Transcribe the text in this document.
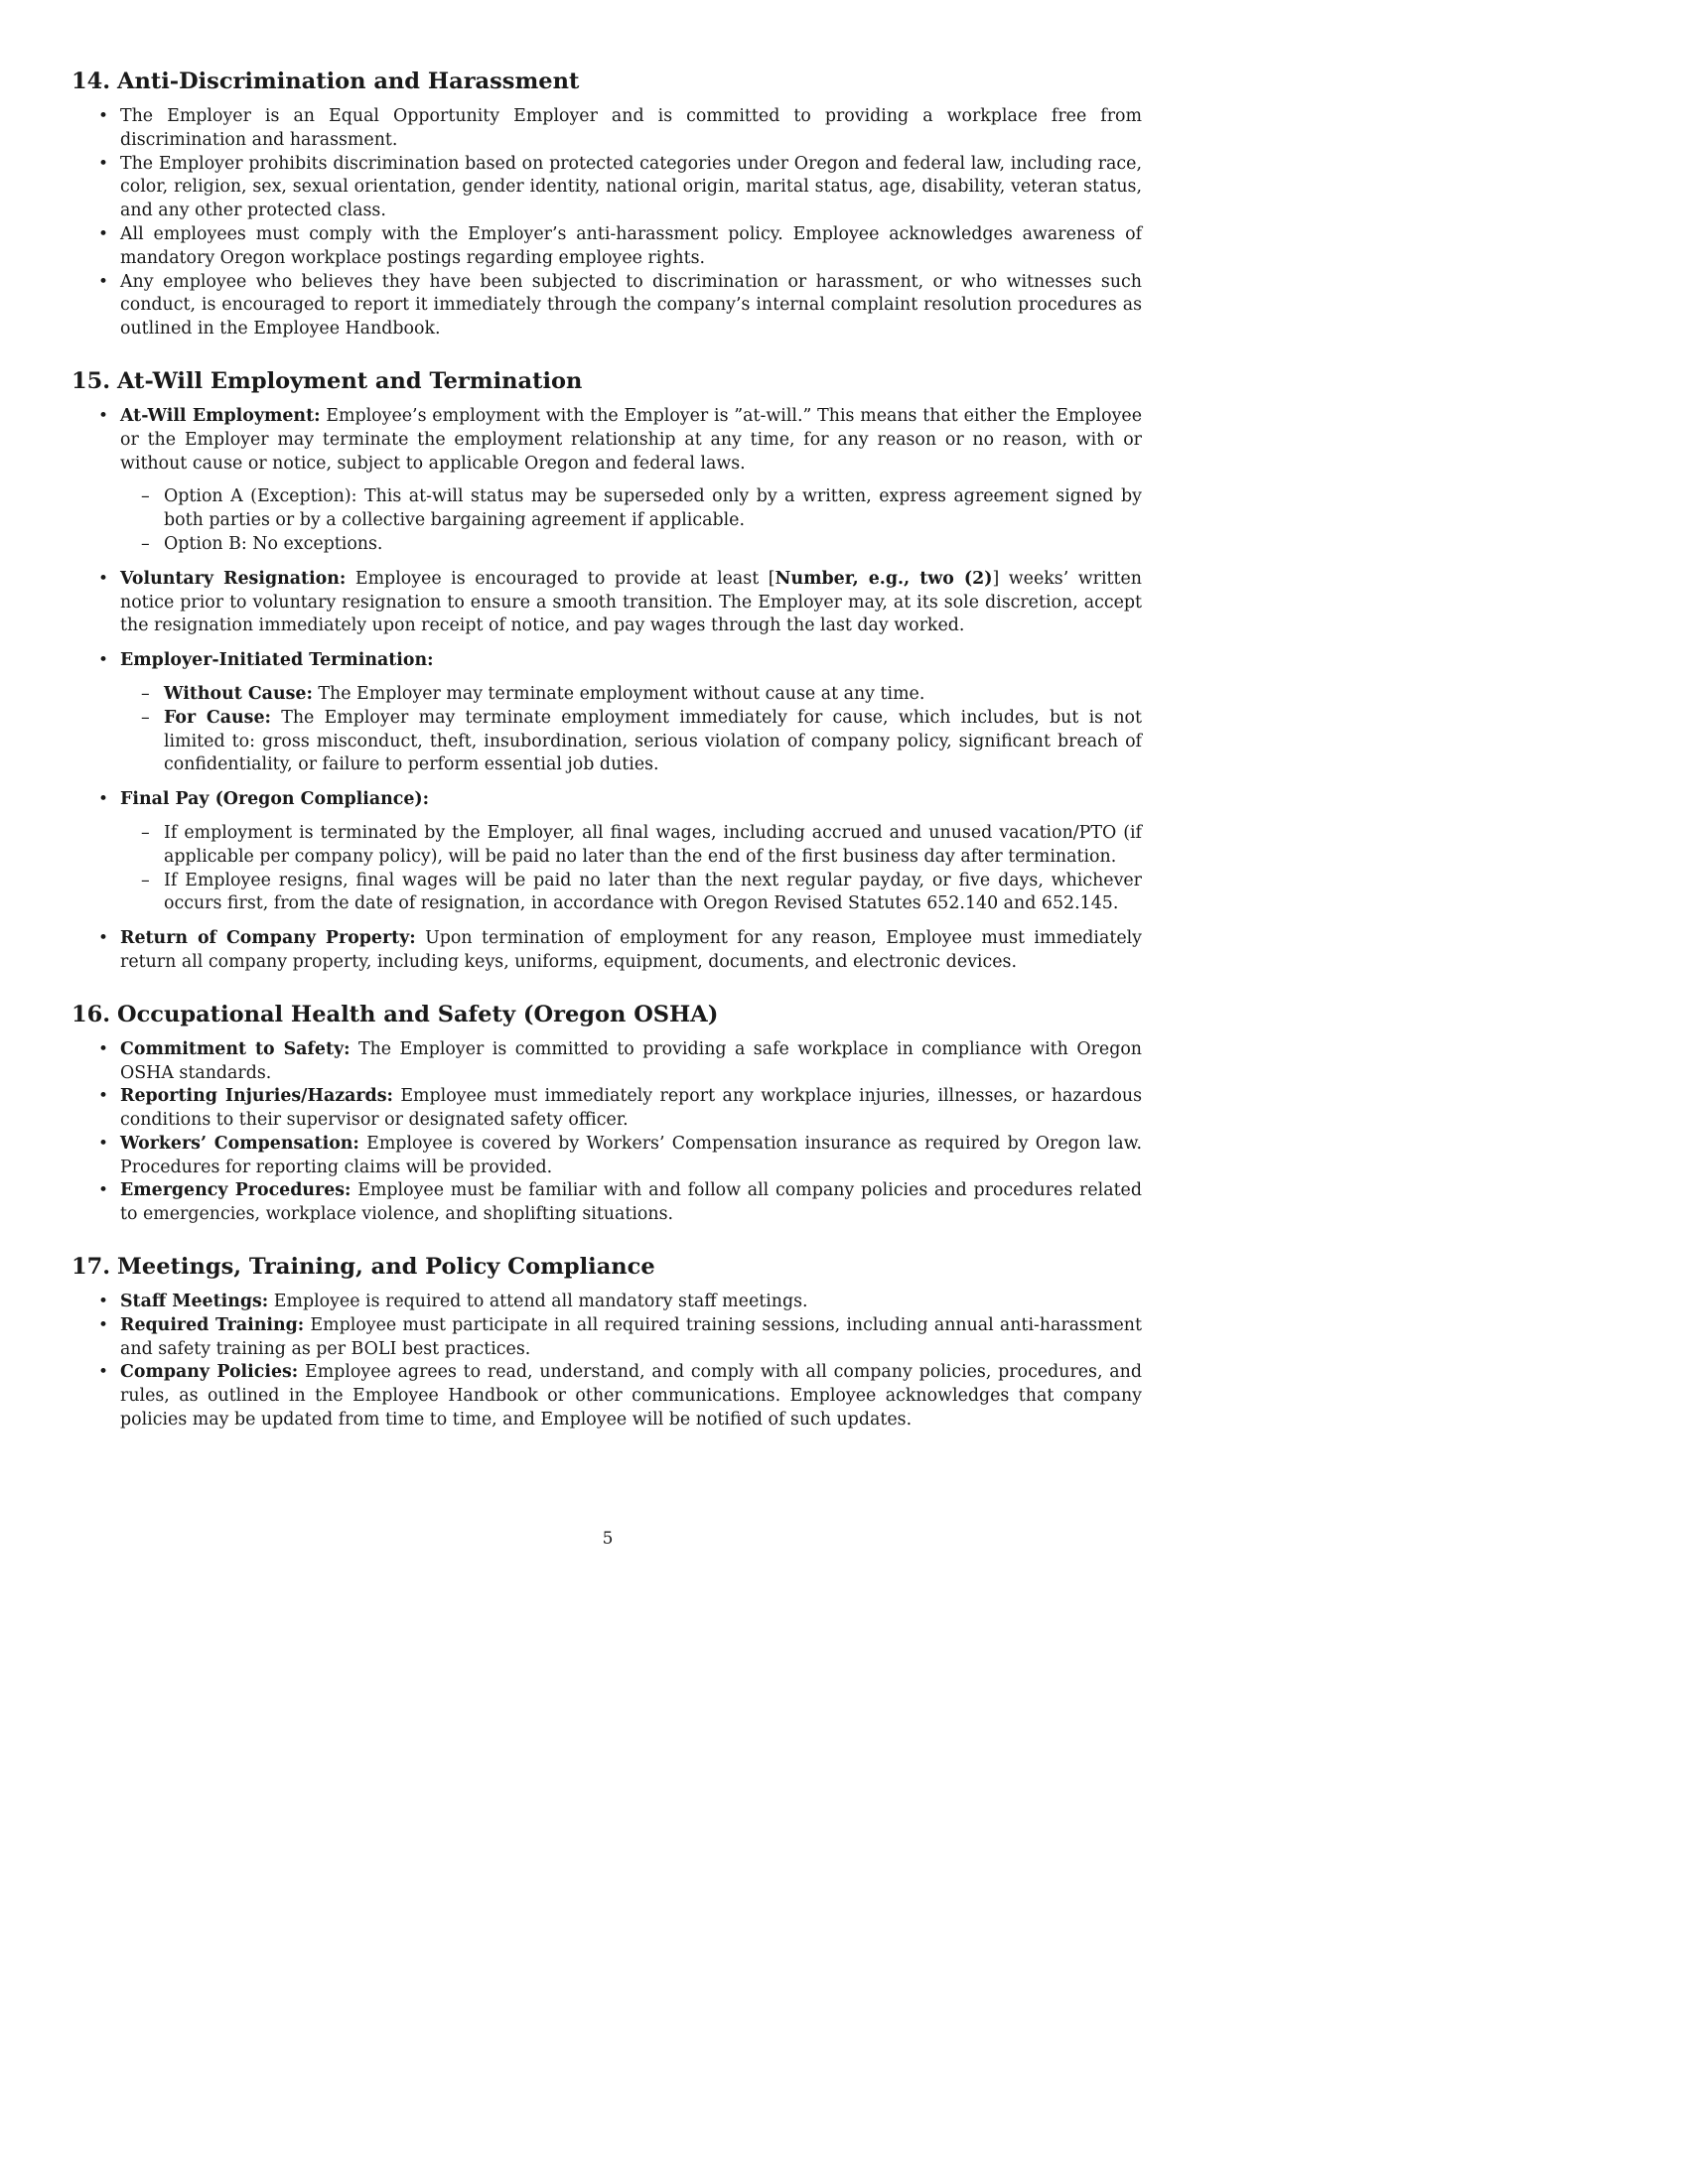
14. Anti-Discrimination and Harassment
• The Employer is an Equal Opportunity Employer and is committed to providing a workplace free from discrimination and harassment.
• The Employer prohibits discrimination based on protected categories under Oregon and federal law, including race, color, religion, sex, sexual orientation, gender identity, national origin, marital status, age, disability, veteran status, and any other protected class.
• All employees must comply with the Employer’s anti-harassment policy. Employee acknowledges awareness of mandatory Oregon workplace postings regarding employee rights.
• Any employee who believes they have been subjected to discrimination or harassment, or who witnesses such conduct, is encouraged to report it immediately through the company’s internal complaint resolution procedures as outlined in the Employee Handbook.
15. At-Will Employment and Termination
• At-Will Employment: Employee’s employment with the Employer is ”at-will.” This means that either the Employee or the Employer may terminate the employment relationship at any time, for any reason or no reason, with or without cause or notice, subject to applicable Oregon and federal laws.
– Option A (Exception): This at-will status may be superseded only by a written, express agreement signed by both parties or by a collective bargaining agreement if applicable.
– Option B: No exceptions.
• Voluntary Resignation: Employee is encouraged to provide at least [Number, e.g., two (2)] weeks’ written notice prior to voluntary resignation to ensure a smooth transition. The Employer may, at its sole discretion, accept the resignation immediately upon receipt of notice, and pay wages through the last day worked.
• Employer-Initiated Termination:
– Without Cause: The Employer may terminate employment without cause at any time.
– For Cause: The Employer may terminate employment immediately for cause, which includes, but is not limited to: gross misconduct, theft, insubordination, serious violation of company policy, significant breach of confidentiality, or failure to perform essential job duties.
• Final Pay (Oregon Compliance):
– If employment is terminated by the Employer, all final wages, including accrued and unused vacation/PTO (if applicable per company policy), will be paid no later than the end of the first business day after termination.
– If Employee resigns, final wages will be paid no later than the next regular payday, or five days, whichever occurs first, from the date of resignation, in accordance with Oregon Revised Statutes 652.140 and 652.145.
• Return of Company Property: Upon termination of employment for any reason, Employee must immediately return all company property, including keys, uniforms, equipment, documents, and electronic devices.
16. Occupational Health and Safety (Oregon OSHA)
• Commitment to Safety: The Employer is committed to providing a safe workplace in compliance with Oregon OSHA standards.
• Reporting Injuries/Hazards: Employee must immediately report any workplace injuries, illnesses, or hazardous conditions to their supervisor or designated safety officer.
• Workers’ Compensation: Employee is covered by Workers’ Compensation insurance as required by Oregon law. Procedures for reporting claims will be provided.
• Emergency Procedures: Employee must be familiar with and follow all company policies and procedures related to emergencies, workplace violence, and shoplifting situations.
17. Meetings, Training, and Policy Compliance
• Staff Meetings: Employee is required to attend all mandatory staff meetings.
• Required Training: Employee must participate in all required training sessions, including annual anti-harassment and safety training as per BOLI best practices.
• Company Policies: Employee agrees to read, understand, and comply with all company policies, procedures, and rules, as outlined in the Employee Handbook or other communications. Employee acknowledges that company policies may be updated from time to time, and Employee will be notified of such updates.
5
